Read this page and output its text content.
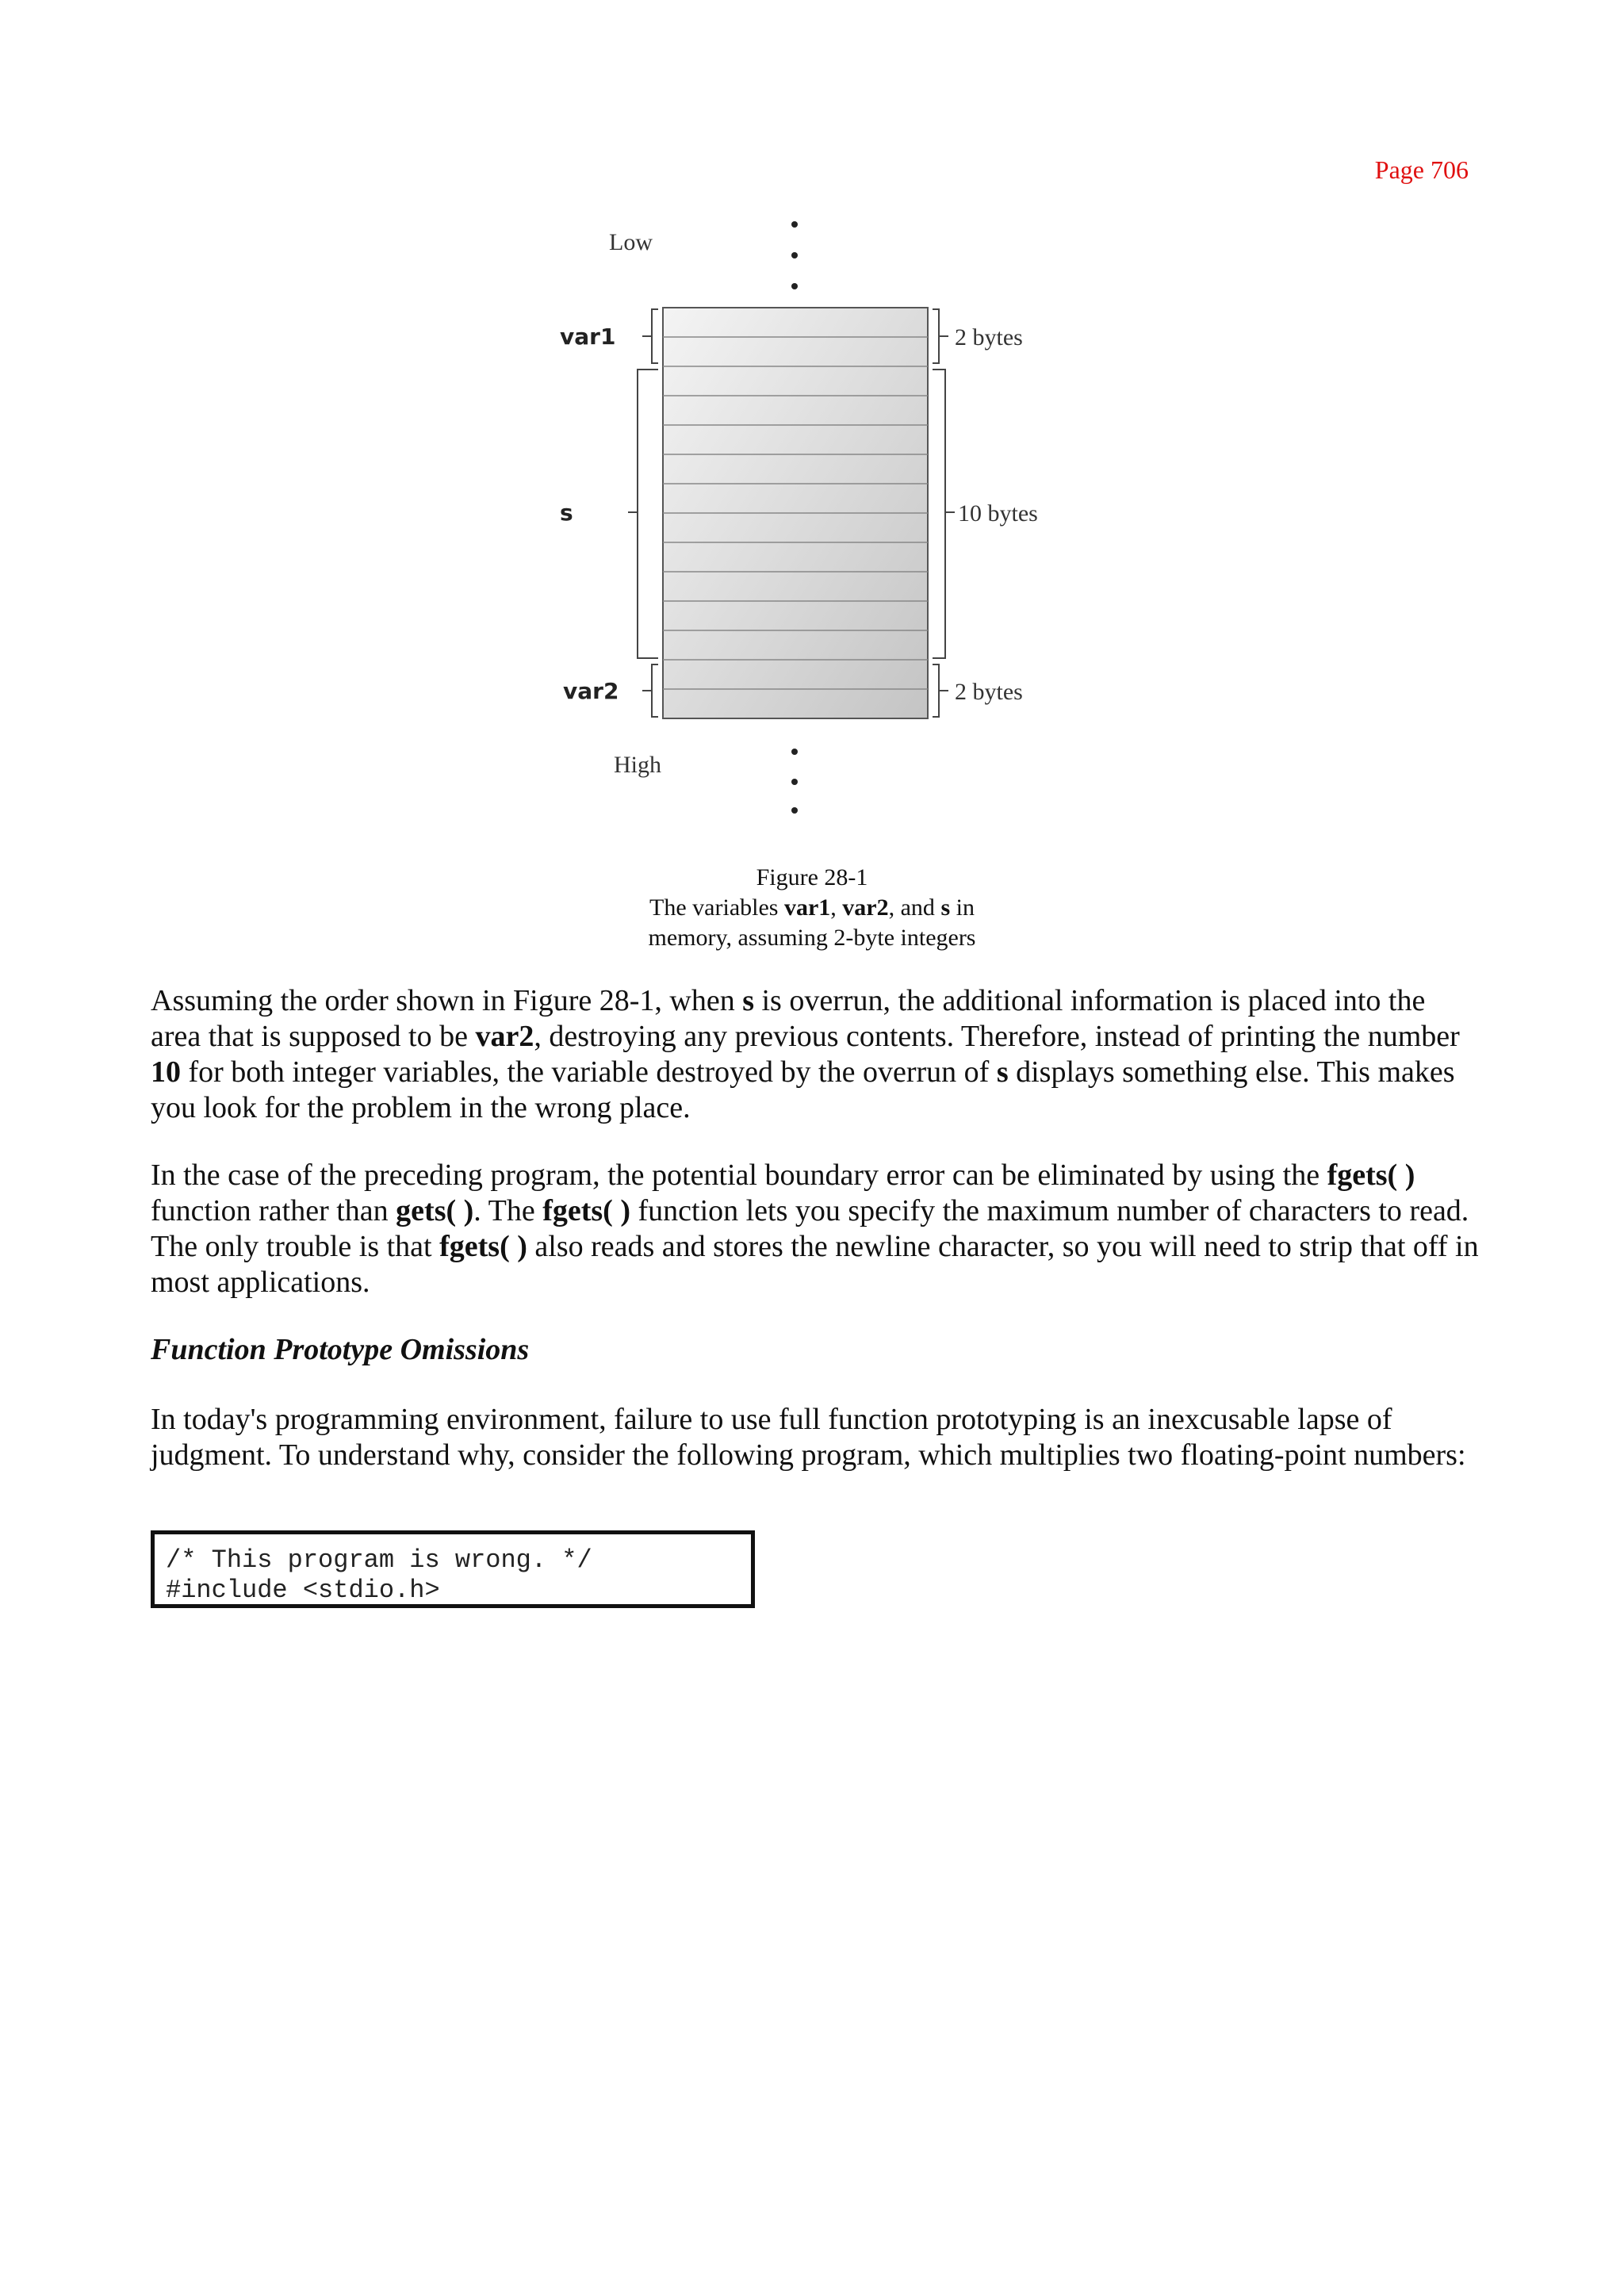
Page 706
Low
High
var1
s
var2
2 bytes
10 bytes
2 bytes
Figure 28-1
The variables var1, var2, and s in
memory, assuming 2-byte integers

Assuming the order shown in Figure 28-1, when s is overrun, the additional information is placed into the area that is supposed to be var2, destroying any previous contents. Therefore, instead of printing the number 10 for both integer variables, the variable destroyed by the overrun of s displays something else. This makes you look for the problem in the wrong place.

In the case of the preceding program, the potential boundary error can be eliminated by using the fgets( ) function rather than gets( ). The fgets( ) function lets you specify the maximum number of characters to read. The only trouble is that fgets( ) also reads and stores the newline character, so you will need to strip that off in most applications.

Function Prototype Omissions

In today's programming environment, failure to use full function prototyping is an inexcusable lapse of judgment. To understand why, consider the following program, which multiplies two floating-point numbers:

/* This program is wrong. */
#include <stdio.h>
